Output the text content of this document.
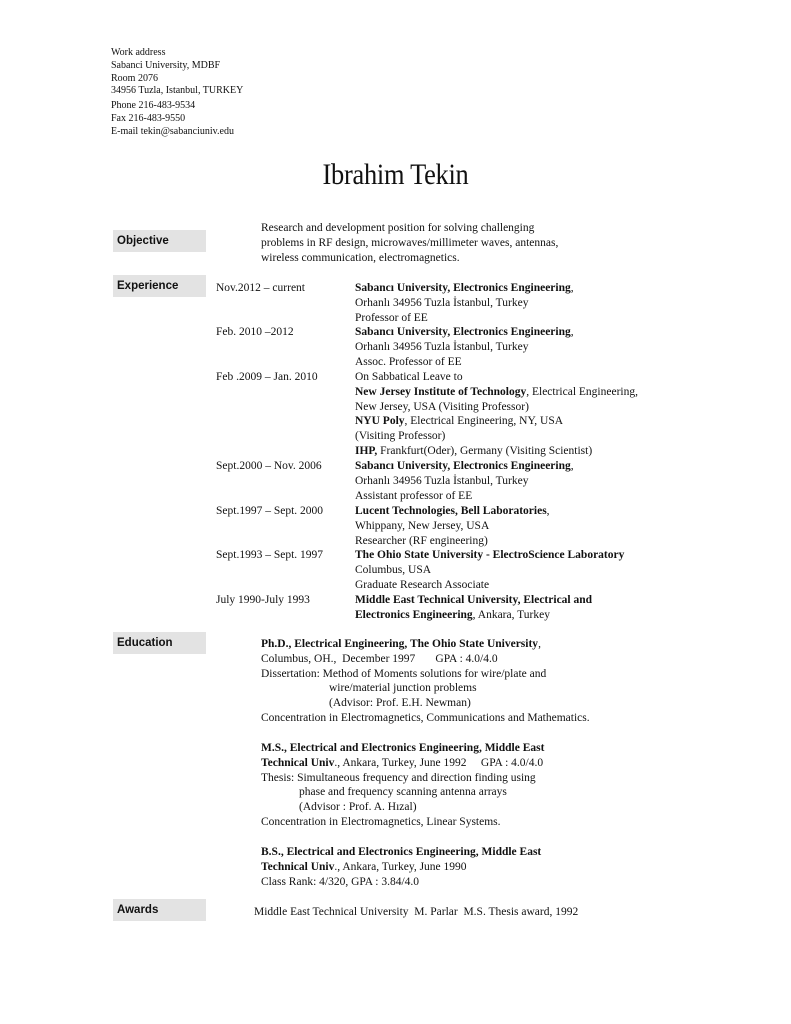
Work address
Sabanci University, MDBF
Room 2076
34956 Tuzla, Istanbul, TURKEY
Phone 216-483-9534
Fax 216-483-9550
E-mail tekin@sabanciuniv.edu
Ibrahim Tekin
Objective
Research and development position for solving challenging
problems in RF design, microwaves/millimeter waves, antennas,
wireless communication, electromagnetics.
Experience	Nov.2012 – current	Sabancı University, Electronics Engineering,
Orhanlı 34956 Tuzla İstanbul, Turkey
Professor of EE
Feb. 2010 –2012	Sabancı University, Electronics Engineering,
Orhanlı 34956 Tuzla İstanbul, Turkey
Assoc. Professor of EE
Feb .2009 – Jan. 2010	On Sabbatical Leave to
New Jersey Institute of Technology, Electrical Engineering,
New Jersey, USA (Visiting Professor)
NYU Poly, Electrical Engineering, NY, USA
(Visiting Professor)
IHP, Frankfurt(Oder), Germany (Visiting Scientist)
Sept.2000 – Nov. 2006	Sabancı University, Electronics Engineering,
Orhanlı 34956 Tuzla İstanbul, Turkey
Assistant professor of EE
Sept.1997 – Sept. 2000	Lucent Technologies, Bell Laboratories,
Whippany, New Jersey, USA
Researcher (RF engineering)
Sept.1993 – Sept. 1997	The Ohio State University - ElectroScience Laboratory
Columbus, USA
Graduate Research Associate
July 1990-July 1993	Middle East Technical University, Electrical and
Electronics Engineering, Ankara, Turkey
Education	Ph.D., Electrical Engineering, The Ohio State University,
Columbus, OH.,  December 1997       GPA : 4.0/4.0
Dissertation: Method of Moments solutions for wire/plate and
wire/material junction problems
(Advisor: Prof. E.H. Newman)
Concentration in Electromagnetics, Communications and Mathematics.
M.S., Electrical and Electronics Engineering, Middle East
Technical Univ., Ankara, Turkey, June 1992     GPA : 4.0/4.0
Thesis: Simultaneous frequency and direction finding using
phase and frequency scanning antenna arrays
(Advisor : Prof. A. Hızal)
Concentration in Electromagnetics, Linear Systems.
B.S., Electrical and Electronics Engineering, Middle East
Technical Univ., Ankara, Turkey, June 1990
Class Rank: 4/320, GPA : 3.84/4.0
Awards	Middle East Technical University  M. Parlar  M.S. Thesis award, 1992
